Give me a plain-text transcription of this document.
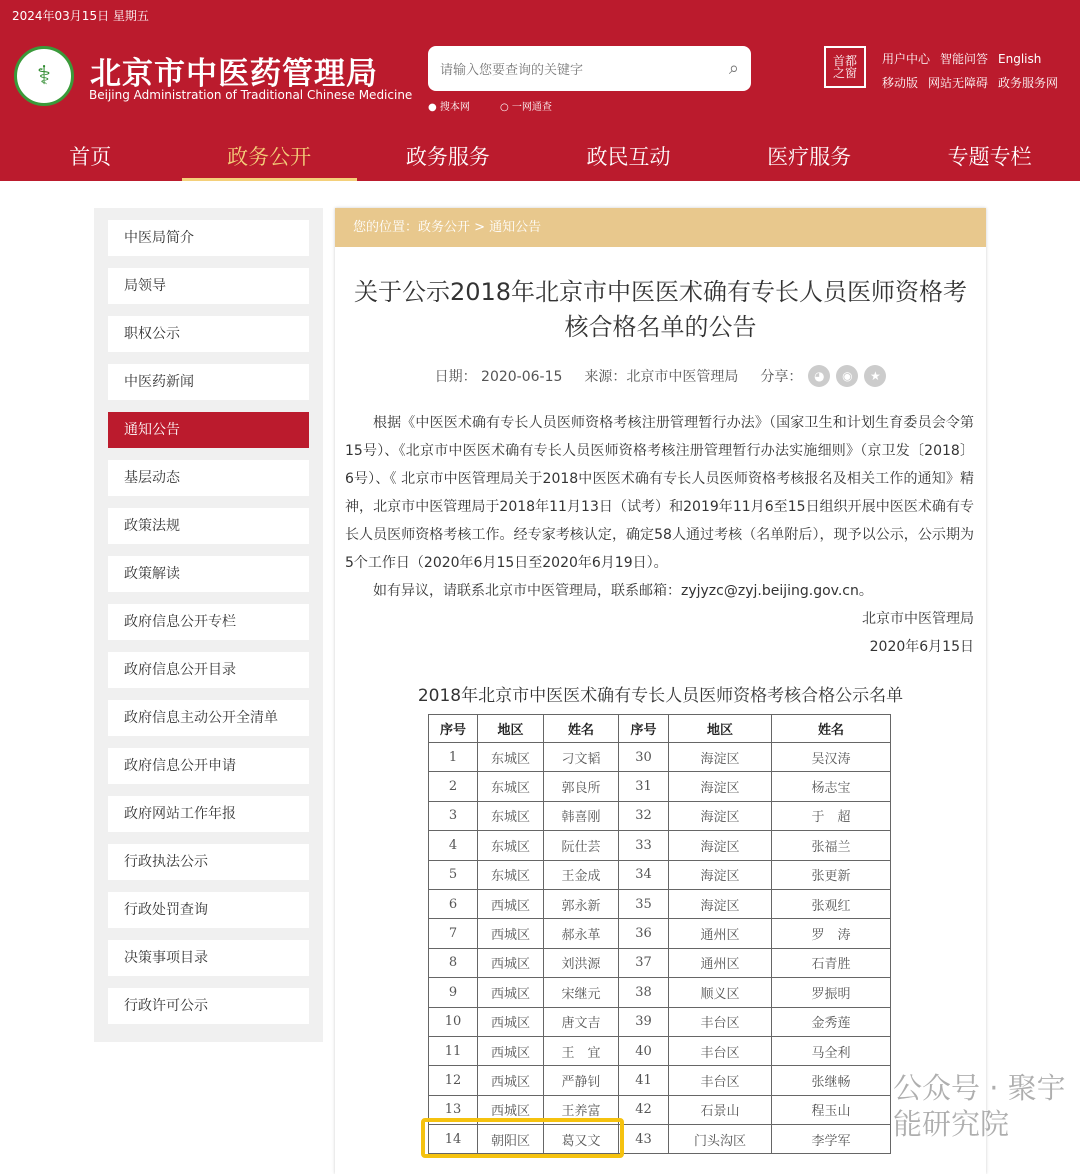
2024年03月15日 星期五
⚕	北京市中医药管理局
Beijing Administration of Traditional Chinese Medicine
请输入您要查询的关键字	⌕
● 搜本网	○ 一网通查
首都
之窗
用户中心 智能问答 English
移动版 网站无障碍 政务服务网
首页	政务公开	政务服务	政民互动	医疗服务	专题专栏
中医局简介
局领导
职权公示
中医药新闻
通知公告
基层动态
政策法规
政策解读
政府信息公开专栏
政府信息公开目录
政府信息主动公开全清单
政府信息公开申请
政府网站工作年报
行政执法公示
行政处罚查询
决策事项目录
行政许可公示
您的位置：政务公开 > 通知公告
关于公示2018年北京市中医医术确有专长人员医师资格考核合格名单的公告
日期： 2020-06-15 来源：北京市中医管理局 分享： ◕	◉	★

根据《中医医术确有专长人员医师资格考核注册管理暂行办法》（国家卫生和计划生育委员会令第15号）、《北京市中医医术确有专长人员医师资格考核注册管理暂行办法实施细则》（京卫发〔2018〕6号）、《 北京市中医管理局关于2018中医医术确有专长人员医师资格考核报名及相关工作的通知》精神，北京市中医管理局于2018年11月13日（试考）和2019年11月6至15日组织开展中医医术确有专长人员医师资格考核工作。经专家考核认定，确定58人通过考核（名单附后），现予以公示，公示期为5个工作日（2020年6月15日至2020年6月19日）。

如有异议，请联系北京市中医管理局，联系邮箱：zyjyzc@zyj.beijing.gov.cn。

北京市中医管理局
2020年6月15日
2018年北京市中医医术确有专长人员医师资格考核合格公示名单
序号	地区	姓名	序号	地区	姓名
1	东城区	刁文韬	30	海淀区	吴汉涛
2	东城区	郭良所	31	海淀区	杨志宝
3	东城区	韩喜刚	32	海淀区	于　超
4	东城区	阮仕芸	33	海淀区	张福兰
5	东城区	王金成	34	海淀区	张更新
6	西城区	郭永新	35	海淀区	张观红
7	西城区	郝永革	36	通州区	罗　涛
8	西城区	刘洪源	37	通州区	石青胜
9	西城区	宋继元	38	顺义区	罗振明
10	西城区	唐文吉	39	丰台区	金秀莲
11	西城区	王　宜	40	丰台区	马全利
12	西城区	严静钊	41	丰台区	张继畅
13	西城区	王养富	42	石景山	程玉山
14	朝阳区	葛又文	43	门头沟区	李学军
公众号 · 聚宇能研究院
